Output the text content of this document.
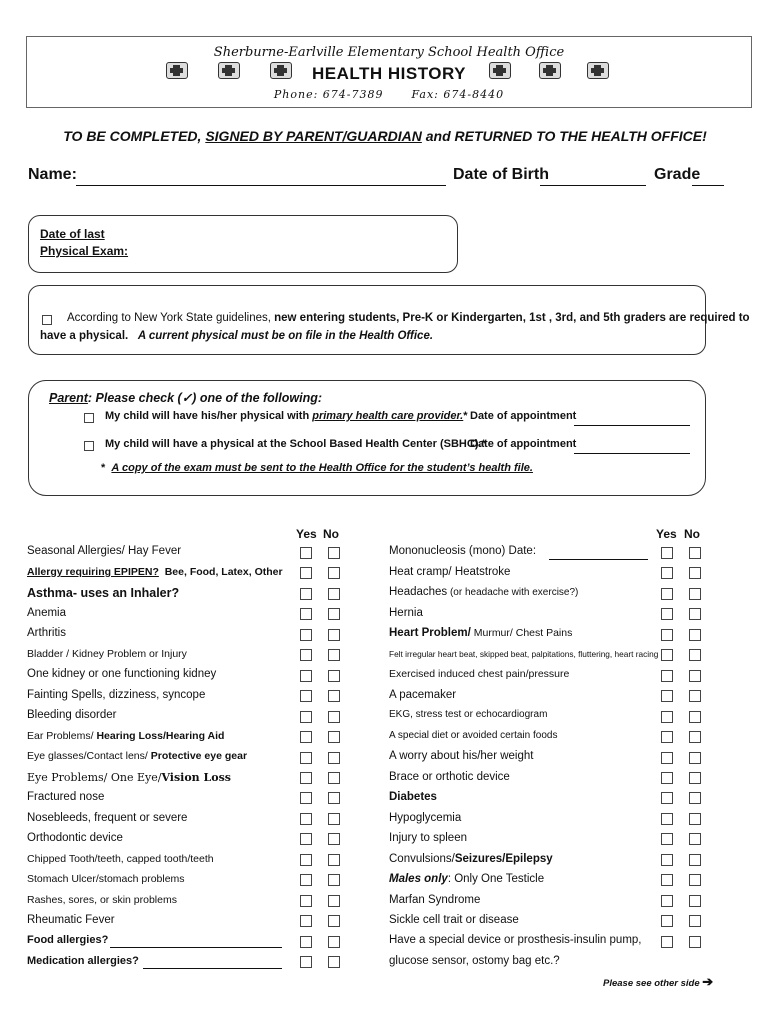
Sherburne-Earlville Elementary School Health Office
HEALTH HISTORY
Phone: 674-7389	Fax: 674-8440
TO BE COMPLETED, SIGNED BY PARENT/GUARDIAN and RETURNED TO THE HEALTH OFFICE!
Name:	Date of Birth	Grade
Date of last
Physical Exam:
According to New York State guidelines, new entering students, Pre-K or Kindergarten, 1st , 3rd, and 5th graders are required to
have a physical. A current physical must be on file in the Health Office.
Parent: Please check (✓) one of the following:
My child will have his/her physical with primary health care provider.* Date of appointment
My child will have a physical at the School Based Health Center (SBHC).*
Date of appointment
* A copy of the exam must be sent to the Health Office for the student’s health file.
Yes No	Yes No
Seasonal Allergies/ Hay Fever
Allergy requiring EPIPEN? Bee, Food, Latex, Other
Asthma- uses an Inhaler?
Anemia
Arthritis
Bladder / Kidney Problem or Injury
One kidney or one functioning kidney
Fainting Spells, dizziness, syncope
Bleeding disorder
Ear Problems/ Hearing Loss/Hearing Aid
Eye glasses/Contact lens/ Protective eye gear
Eye Problems/ One Eye/Vision Loss
Fractured nose
Nosebleeds, frequent or severe
Orthodontic device
Chipped Tooth/teeth, capped tooth/teeth
Stomach Ulcer/stomach problems
Rashes, sores, or skin problems
Rheumatic Fever
Food allergies?
Medication allergies?
Mononucleosis (mono) Date:
Heat cramp/ Heatstroke
Headaches (or headache with exercise?)
Hernia
Heart Problem/ Murmur/ Chest Pains
Felt irregular heart beat, skipped beat, palpitations, fluttering, heart racing
Exercised induced chest pain/pressure
A pacemaker
EKG, stress test or echocardiogram
A special diet or avoided certain foods
A worry about his/her weight
Brace or orthotic device
Diabetes
Hypoglycemia
Injury to spleen
Convulsions/Seizures/Epilepsy
Males only: Only One Testicle
Marfan Syndrome
Sickle cell trait or disease
Have a special device or prosthesis-insulin pump,
glucose sensor, ostomy bag etc.?
Please see other side ➔
